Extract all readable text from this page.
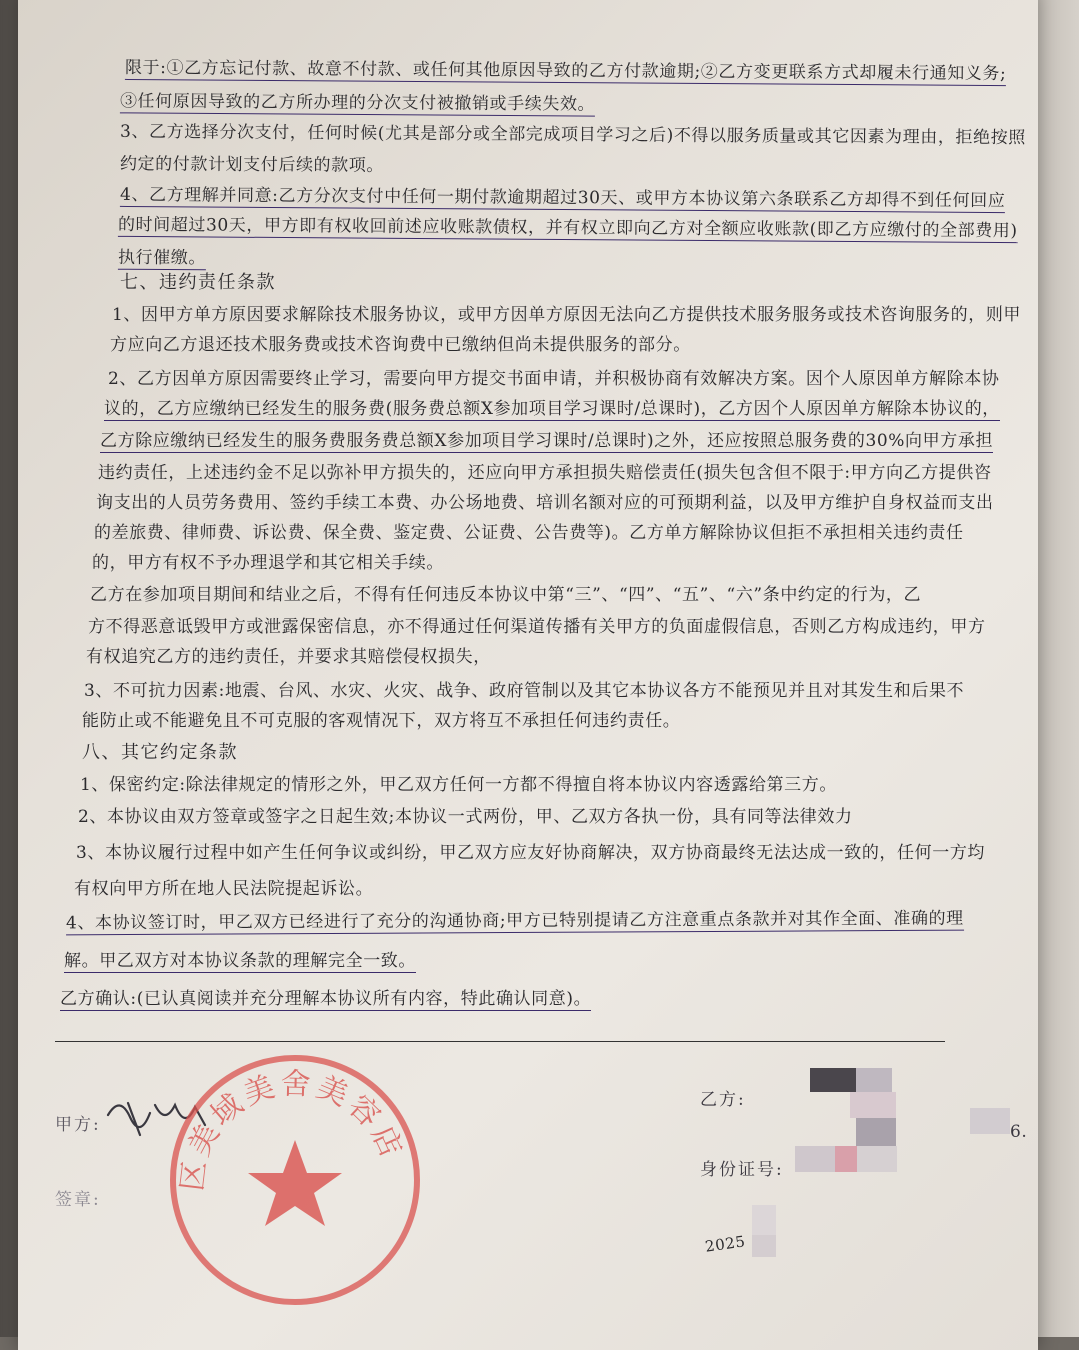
限于:①乙方忘记付款、故意不付款、或任何其他原因导致的乙方付款逾期;②乙方变更联系方式却履未行通知义务;
③任何原因导致的乙方所办理的分次支付被撤销或手续失效。
3、乙方选择分次支付，任何时候(尤其是部分或全部完成项目学习之后)不得以服务质量或其它因素为理由，拒绝按照
约定的付款计划支付后续的款项。
4、乙方理解并同意:乙方分次支付中任何一期付款逾期超过30天、或甲方本协议第六条联系乙方却得不到任何回应
的时间超过30天，甲方即有权收回前述应收账款债权，并有权立即向乙方对全额应收账款(即乙方应缴付的全部费用)
执行催缴。
七、违约责任条款
1、因甲方单方原因要求解除技术服务协议，或甲方因单方原因无法向乙方提供技术服务服务或技术咨询服务的，则甲
方应向乙方退还技术服务费或技术咨询费中已缴纳但尚未提供服务的部分。
2、乙方因单方原因需要终止学习，需要向甲方提交书面申请，并积极协商有效解决方案。因个人原因单方解除本协
议的，乙方应缴纳已经发生的服务费(服务费总额X参加项目学习课时/总课时)，乙方因个人原因单方解除本协议的，
乙方除应缴纳已经发生的服务费服务费总额X参加项目学习课时/总课时)之外，还应按照总服务费的30%向甲方承担
违约责任，上述违约金不足以弥补甲方损失的，还应向甲方承担损失赔偿责任(损失包含但不限于:甲方向乙方提供咨
询支出的人员劳务费用、签约手续工本费、办公场地费、培训名额对应的可预期利益，以及甲方维护自身权益而支出
的差旅费、律师费、诉讼费、保全费、鉴定费、公证费、公告费等)。乙方单方解除协议但拒不承担相关违约责任
的，甲方有权不予办理退学和其它相关手续。
乙方在参加项目期间和结业之后，不得有任何违反本协议中第“三”、“四”、“五”、“六”条中约定的行为，乙
方不得恶意诋毁甲方或泄露保密信息，亦不得通过任何渠道传播有关甲方的负面虚假信息，否则乙方构成违约，甲方
有权追究乙方的违约责任，并要求其赔偿侵权损失，
3、不可抗力因素:地震、台风、水灾、火灾、战争、政府管制以及其它本协议各方不能预见并且对其发生和后果不
能防止或不能避免且不可克服的客观情况下，双方将互不承担任何违约责任。
八、其它约定条款
1、保密约定:除法律规定的情形之外，甲乙双方任何一方都不得擅自将本协议内容透露给第三方。
2、本协议由双方签章或签字之日起生效;本协议一式两份，甲、乙双方各执一份，具有同等法律效力
3、本协议履行过程中如产生任何争议或纠纷，甲乙双方应友好协商解决，双方协商最终无法达成一致的，任何一方均
有权向甲方所在地人民法院提起诉讼。
4、本协议签订时，甲乙双方已经进行了充分的沟通协商;甲方已特别提请乙方注意重点条款并对其作全面、准确的理
解。甲乙双方对本协议条款的理解完全一致。
乙方确认:(已认真阅读并充分理解本协议所有内容，特此确认同意)。
甲方:
签章:
区美域美舍美容店
乙方:
6.
身份证号:
2025
